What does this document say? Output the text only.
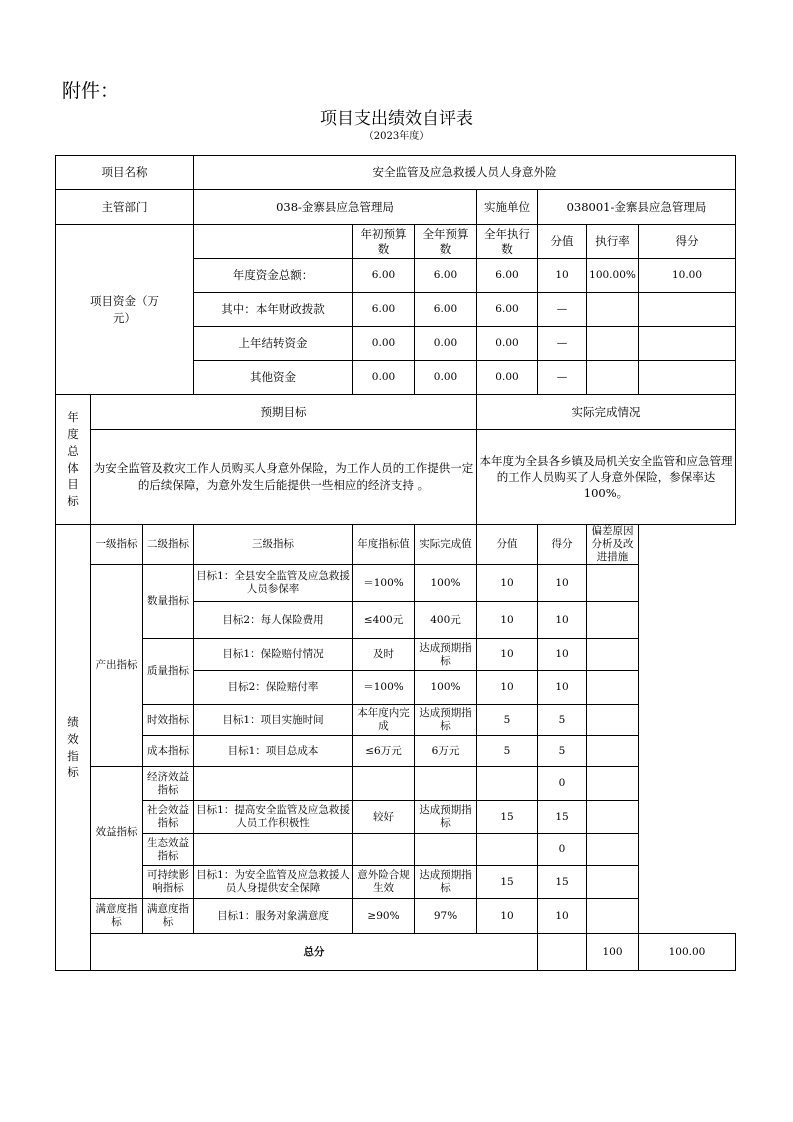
附件：
项目支出绩效自评表
（2023年度）
项目名称			安全监管及应急救援人员人身意外险							
主管部门			038-金寨县应急管理局			实施单位	038001-金寨县应急管理局			
项目资金（万元）				年初预算数	全年预算数	全年执行数	分值	执行率	得分	
			年度资金总额：	6.00	6.00	6.00	10	100.00%	10.00	
			其中：本年财政拨款	6.00	6.00	6.00	—			
			上年结转资金	0.00	0.00	0.00	—			
			其他资金	0.00	0.00	0.00	—			
年度总体目标	预期目标					实际完成情况				
	为安全监管及救灾工作人员购买人身意外保险，为工作人员的工作提供一定的后续保障，为意外发生后能提供一些相应的经济支持 。					本年度为全县各乡镇及局机关安全监管和应急管理的工作人员购买了人身意外保险，参保率达100%。				
绩效指标	一级指标	二级指标	三级指标	年度指标值	实际完成值	分值	得分	偏差原因分析及改进措施		
	产出指标	数量指标	目标1：全县安全监管及应急救援人员参保率	＝100%	100%	10	10			
			目标2：每人保险费用	≤400元	400元	10	10			
		质量指标	目标1：保险赔付情况	及时	达成预期指标	10	10			
			目标2：保险赔付率	＝100%	100%	10	10			
		时效指标	目标1：项目实施时间	本年度内完成	达成预期指标	5	5			
		成本指标	目标1：项目总成本	≤6万元	6万元	5	5			
	效益指标	经济效益指标					0			
		社会效益指标	目标1：提高安全监管及应急救援人员工作积极性	较好	达成预期指标	15	15			
		生态效益指标					0			
		可持续影响指标	目标1：为安全监管及应急救援人员人身提供安全保障	意外险合规生效	达成预期指标	15	15			
	满意度指标	满意度指标	目标1：服务对象满意度	≥90%	97%	10	10			
	总分							100	100.00	
